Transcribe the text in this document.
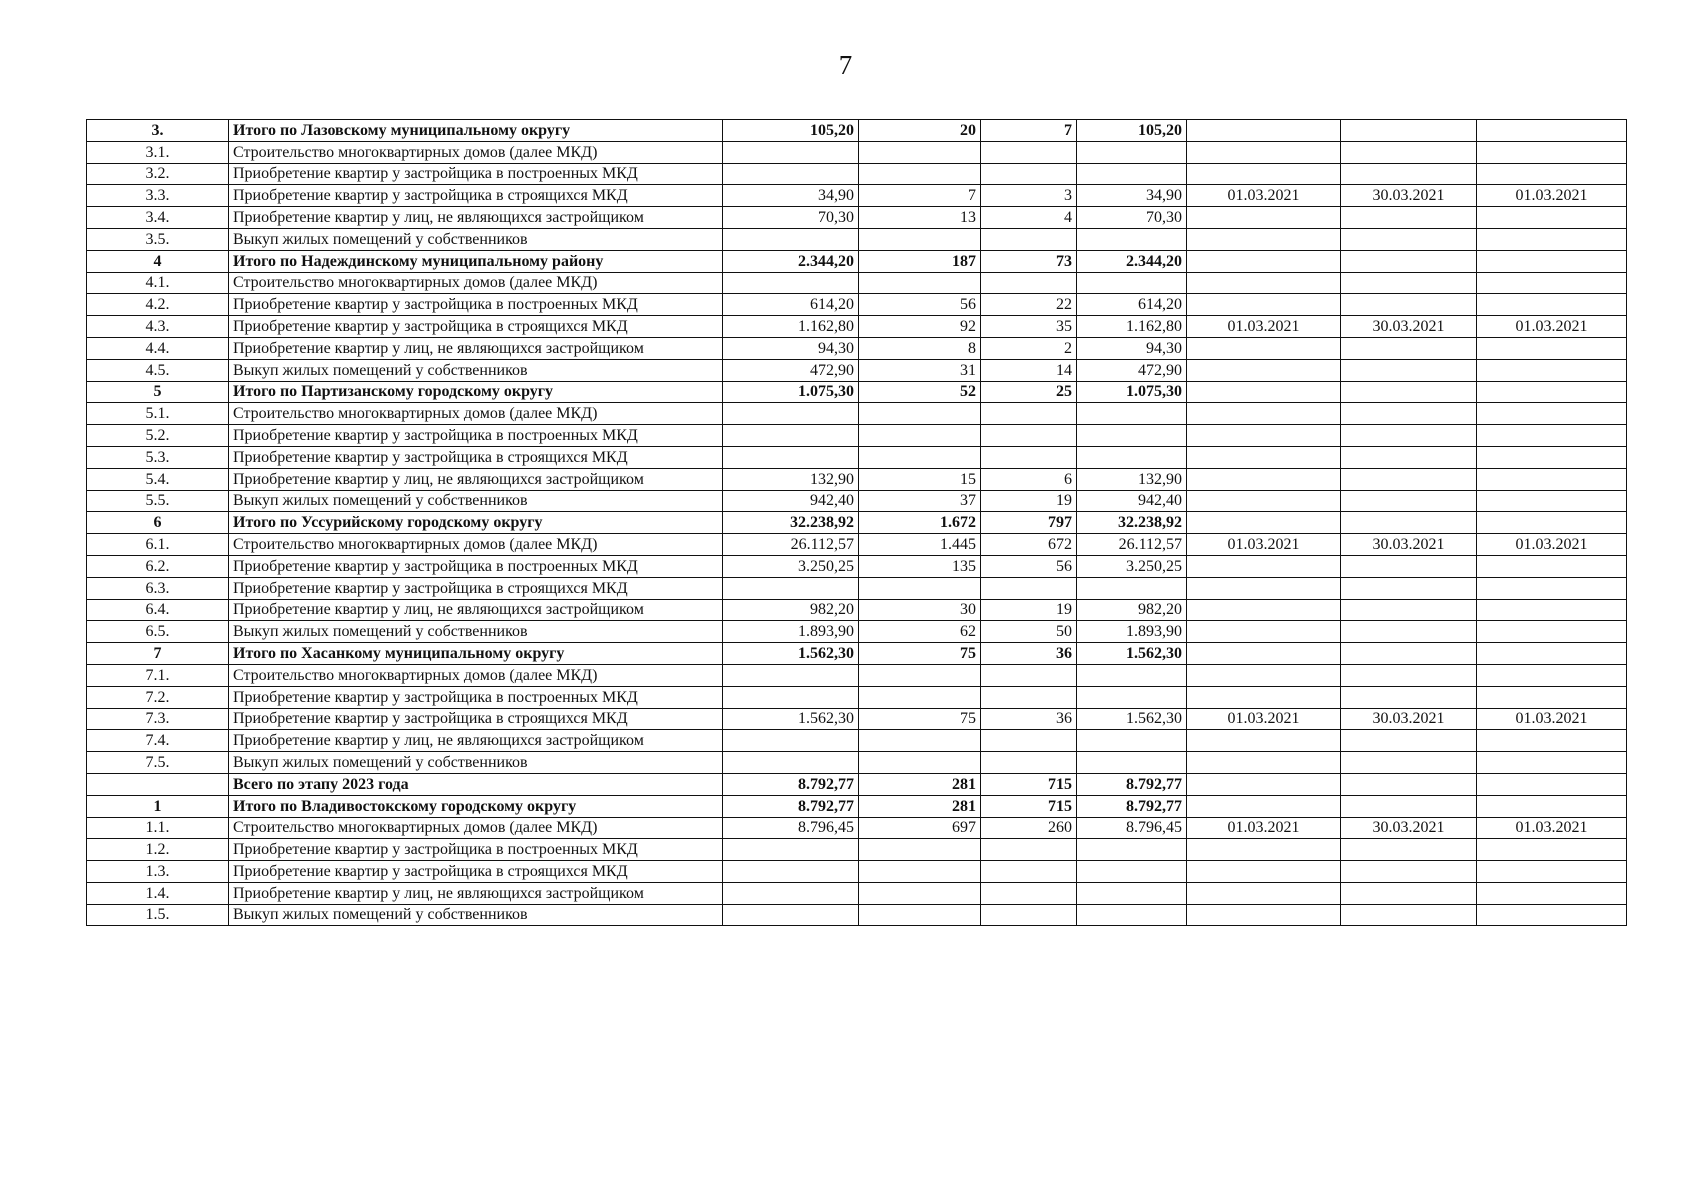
7
3.	Итого по Лазовскому муниципальному округу	105,20	20	7	105,20			
3.1.	Строительство многоквартирных домов (далее МКД)							
3.2.	Приобретение квартир у застройщика в построенных МКД							
3.3.	Приобретение квартир у застройщика в строящихся МКД	34,90	7	3	34,90	01.03.2021	30.03.2021	01.03.2021
3.4.	Приобретение квартир у лиц, не являющихся застройщиком	70,30	13	4	70,30			
3.5.	Выкуп жилых помещений у собственников							
4	Итого по Надеждинскому муниципальному району	2.344,20	187	73	2.344,20			
4.1.	Строительство многоквартирных домов (далее МКД)							
4.2.	Приобретение квартир у застройщика в построенных МКД	614,20	56	22	614,20			
4.3.	Приобретение квартир у застройщика в строящихся МКД	1.162,80	92	35	1.162,80	01.03.2021	30.03.2021	01.03.2021
4.4.	Приобретение квартир у лиц, не являющихся застройщиком	94,30	8	2	94,30			
4.5.	Выкуп жилых помещений у собственников	472,90	31	14	472,90			
5	Итого по Партизанскому городскому округу	1.075,30	52	25	1.075,30			
5.1.	Строительство многоквартирных домов (далее МКД)							
5.2.	Приобретение квартир у застройщика в построенных МКД							
5.3.	Приобретение квартир у застройщика в строящихся МКД							
5.4.	Приобретение квартир у лиц, не являющихся застройщиком	132,90	15	6	132,90			
5.5.	Выкуп жилых помещений у собственников	942,40	37	19	942,40			
6	Итого по Уссурийскому городскому округу	32.238,92	1.672	797	32.238,92			
6.1.	Строительство многоквартирных домов (далее МКД)	26.112,57	1.445	672	26.112,57	01.03.2021	30.03.2021	01.03.2021
6.2.	Приобретение квартир у застройщика в построенных МКД	3.250,25	135	56	3.250,25			
6.3.	Приобретение квартир у застройщика в строящихся МКД							
6.4.	Приобретение квартир у лиц, не являющихся застройщиком	982,20	30	19	982,20			
6.5.	Выкуп жилых помещений у собственников	1.893,90	62	50	1.893,90			
7	Итого по Хасанкому муниципальному округу	1.562,30	75	36	1.562,30			
7.1.	Строительство многоквартирных домов (далее МКД)							
7.2.	Приобретение квартир у застройщика в построенных МКД							
7.3.	Приобретение квартир у застройщика в строящихся МКД	1.562,30	75	36	1.562,30	01.03.2021	30.03.2021	01.03.2021
7.4.	Приобретение квартир у лиц, не являющихся застройщиком							
7.5.	Выкуп жилых помещений у собственников							
	Всего по этапу 2023 года	8.792,77	281	715	8.792,77			
1	Итого по Владивостокскому городскому округу	8.792,77	281	715	8.792,77			
1.1.	Строительство многоквартирных домов (далее МКД)	8.796,45	697	260	8.796,45	01.03.2021	30.03.2021	01.03.2021
1.2.	Приобретение квартир у застройщика в построенных МКД							
1.3.	Приобретение квартир у застройщика в строящихся МКД							
1.4.	Приобретение квартир у лиц, не являющихся застройщиком							
1.5.	Выкуп жилых помещений у собственников							
